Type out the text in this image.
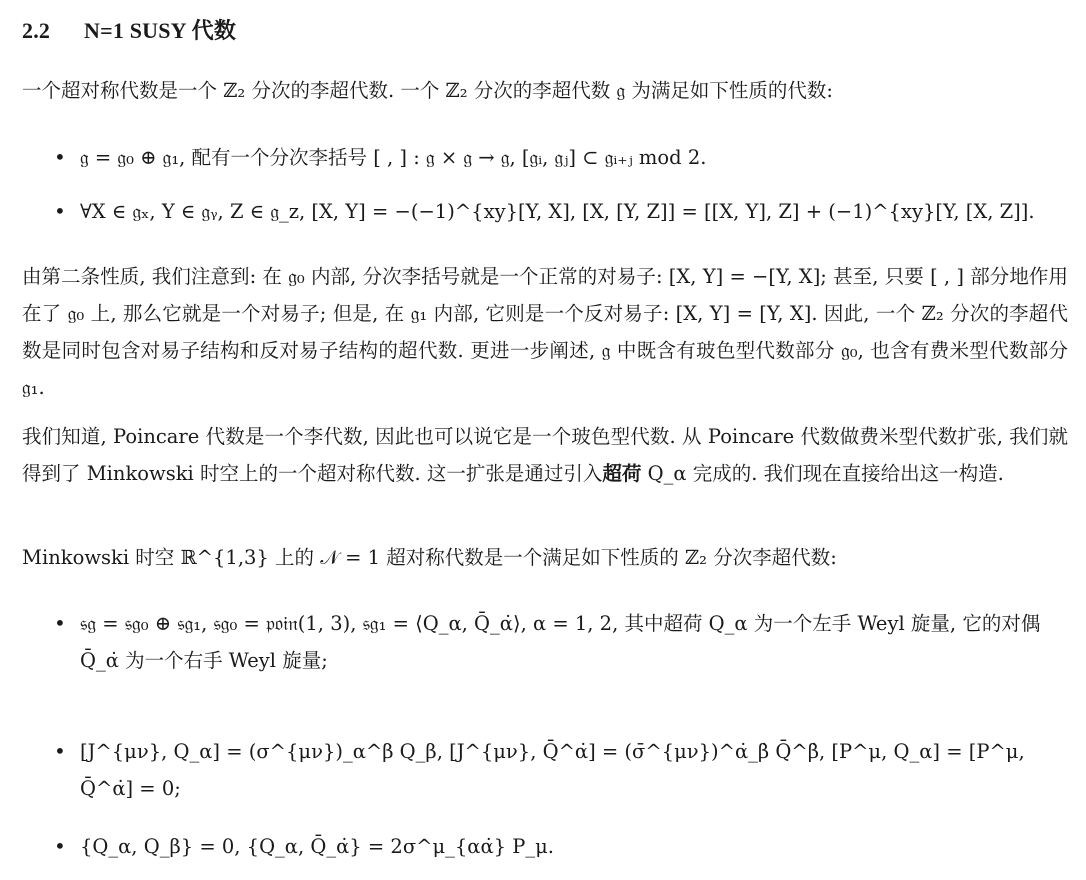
2.2 N=1 SUSY 代数
一个超对称代数是一个 ℤ₂ 分次的李超代数. 一个 ℤ₂ 分次的李超代数 𝔤 为满足如下性质的代数:
• 𝔤 = 𝔤₀ ⊕ 𝔤₁, 配有一个分次李括号 [ , ] : 𝔤 × 𝔤 → 𝔤, [𝔤ᵢ, 𝔤ⱼ] ⊂ 𝔤ᵢ₊ⱼ mod 2.
• ∀X ∈ 𝔤ₓ, Y ∈ 𝔤ᵧ, Z ∈ 𝔤_z, [X, Y] = −(−1)^{xy}[Y, X], [X, [Y, Z]] = [[X, Y], Z] + (−1)^{xy}[Y, [X, Z]].
由第二条性质, 我们注意到: 在 𝔤₀ 内部, 分次李括号就是一个正常的对易子: [X, Y] = −[Y, X]; 甚至, 只要 [ , ] 部分地作用在了 𝔤₀ 上, 那么它就是一个对易子; 但是, 在 𝔤₁ 内部, 它则是一个反对易子: [X, Y] = [Y, X]. 因此, 一个 ℤ₂ 分次的李超代数是同时包含对易子结构和反对易子结构的超代数. 更进一步阐述, 𝔤 中既含有玻色型代数部分 𝔤₀, 也含有费米型代数部分 𝔤₁.
我们知道, Poincare 代数是一个李代数, 因此也可以说它是一个玻色型代数. 从 Poincare 代数做费米型代数扩张, 我们就得到了 Minkowski 时空上的一个超对称代数. 这一扩张是通过引入超荷 Q_α 完成的. 我们现在直接给出这一构造.
Minkowski 时空 ℝ^{1,3} 上的 𝒩 = 1 超对称代数是一个满足如下性质的 ℤ₂ 分次李超代数:
• 𝔰𝔤 = 𝔰𝔤₀ ⊕ 𝔰𝔤₁, 𝔰𝔤₀ = 𝔭𝔬𝔦𝔫(1, 3), 𝔰𝔤₁ = ⟨Q_α, Q̄_α̇⟩, α = 1, 2, 其中超荷 Q_α 为一个左手 Weyl 旋量, 它的对偶 Q̄_α̇ 为一个右手 Weyl 旋量;
• [J^{μν}, Q_α] = (σ^{μν})_α^β Q_β, [J^{μν}, Q̄^α̇] = (σ̄^{μν})^α̇_β̇ Q̄^β̇, [P^μ, Q_α] = [P^μ, Q̄^α̇] = 0;
• {Q_α, Q_β} = 0, {Q_α, Q̄_α̇} = 2σ^μ_{αα̇} P_μ.
